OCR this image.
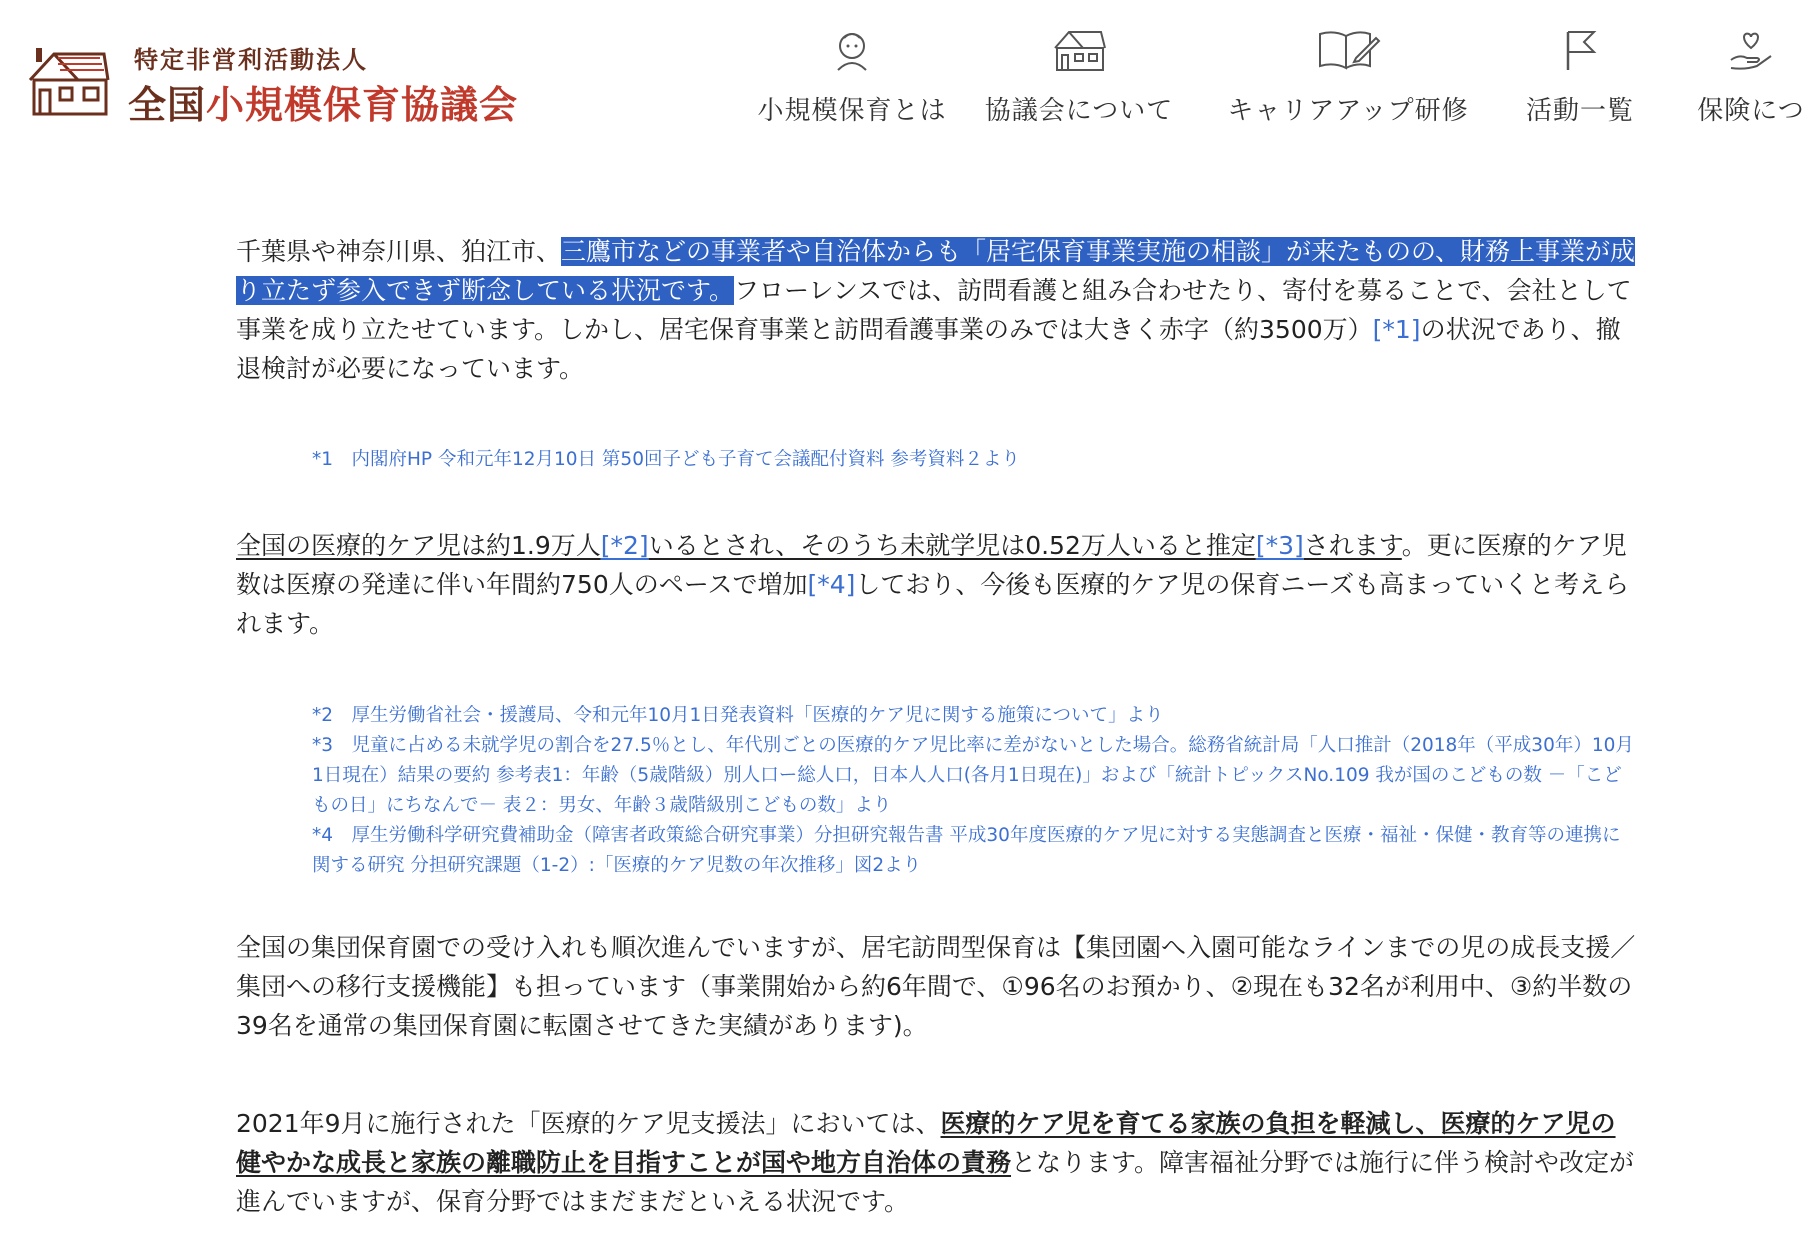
特定非営利活動法人
全国小規模保育協議会	小規模保育とは 協議会について キャリアアップ研修 活動一覧	保険につ

千葉県や神奈川県、狛江市、三鷹市などの事業者や自治体からも「居宅保育事業実施の相談」が来たものの、財務上事業が成り立たず参入できず断念している状況です。フローレンスでは、訪問看護と組み合わせたり、寄付を募ることで、会社として事業を成り立たせています。しかし、居宅保育事業と訪問看護事業のみでは大きく赤字（約3500万）[*1]の状況であり、撤退検討が必要になっています。

*1　内閣府HP 令和元年12月10日 第50回子ども子育て会議配付資料 参考資料２より

全国の医療的ケア児は約1.9万人[*2]いるとされ、そのうち未就学児は0.52万人いると推定[*3]されます。更に医療的ケア児数は医療の発達に伴い年間約750人のペースで増加[*4]しており、今後も医療的ケア児の保育ニーズも高まっていくと考えられます。

*2　厚生労働省社会・援護局、令和元年10月1日発表資料「医療的ケア児に関する施策について」より
*3　児童に占める未就学児の割合を27.5％とし、年代別ごとの医療的ケア児比率に差がないとした場合。総務省統計局「人口推計（2018年（平成30年）10月1日現在）結果の要約 参考表1：年齢（5歳階級）別人口ー総人口，日本人人口(各月1日現在)」および「統計トピックスNo.109 我が国のこどもの数 －「こどもの日」にちなんで－ 表２：男女、年齢３歳階級別こどもの数」より
*4　厚生労働科学研究費補助金（障害者政策総合研究事業）分担研究報告書 平成30年度医療的ケア児に対する実態調査と医療・福祉・保健・教育等の連携に関する研究 分担研究課題（1-2）:「医療的ケア児数の年次推移」図2より

全国の集団保育園での受け入れも順次進んでいますが、居宅訪問型保育は【集団園へ入園可能なラインまでの児の成長支援／集団への移行支援機能】も担っています（事業開始から約6年間で、①96名のお預かり、②現在も32名が利用中、③約半数の39名を通常の集団保育園に転園させてきた実績があります)。

2021年9月に施行された「医療的ケア児支援法」においては、医療的ケア児を育てる家族の負担を軽減し、医療的ケア児の健やかな成長と家族の離職防止を目指すことが国や地方自治体の責務となります。障害福祉分野では施行に伴う検討や改定が進んでいますが、保育分野ではまだまだといえる状況です。
